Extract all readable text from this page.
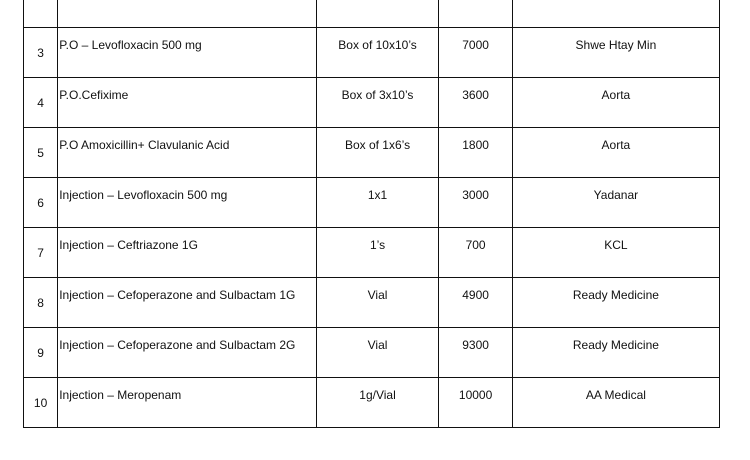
3	P.O – Levofloxacin 500 mg	Box of 10x10’s	7000	Shwe Htay Min

4	P.O.Cefixime	Box of 3x10’s	3600	Aorta

5	P.O Amoxicillin+ Clavulanic Acid	Box of 1x6’s	1800	Aorta

6	Injection – Levofloxacin 500 mg	1x1	3000	Yadanar

7	Injection – Ceftriazone 1G	1’s	700	KCL

8	Injection – Cefoperazone and Sulbactam 1G	Vial	4900	Ready Medicine

9	Injection – Cefoperazone and Sulbactam 2G	Vial	9300	Ready Medicine

10	Injection – Meropenam	1g/Vial	10000	AA Medical
